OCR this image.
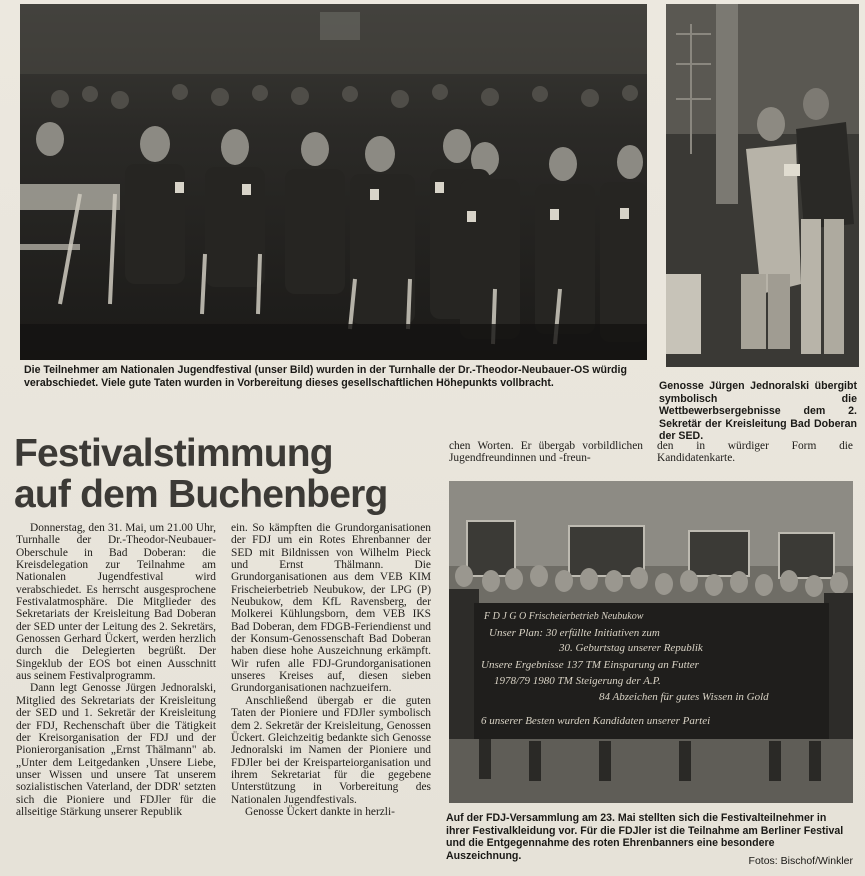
Die Teilnehmer am Nationalen Jugendfestival (unser Bild) wurden in der Turnhalle der Dr.-Theodor-Neubauer-OS würdig verabschiedet. Viele gute Taten wurden in Vorbereitung dieses gesellschaftlichen Höhepunkts vollbracht.	Genosse Jürgen Jednoralski übergibt symbolisch die Wettbewerbsergebnisse dem 2. Sekretär der Kreisleitung Bad Doberan der SED.
Festivalstimmung
auf dem Buchenberg

Donnerstag, den 31. Mai, um 21.00 Uhr, Turnhalle der Dr.-Theodor-Neubauer-Oberschule in Bad Doberan: die Kreisdelegation zur Teilnahme am Nationalen Jugendfestival wird verabschiedet. Es herrscht ausgesprochene Festivalatmosphäre. Die Mitglieder des Sekretariats der Kreisleitung Bad Doberan der SED unter der Leitung des 2. Sekretärs, Genossen Gerhard Ückert, werden herzlich durch die Delegierten begrüßt. Der Singeklub der EOS bot einen Ausschnitt aus seinem Festivalprogramm.

Dann legt Genosse Jürgen Jednoralski, Mitglied des Sekretariats der Kreisleitung der SED und 1. Sekretär der Kreisleitung der FDJ, Rechenschaft über die Tätigkeit der Kreisorganisation der FDJ und der Pionierorganisation „Ernst Thälmann" ab. „Unter dem Leitgedanken ‚Unsere Liebe, unser Wissen und unsere Tat unserem sozialistischen Vaterland, der DDR' setzten sich die Pioniere und FDJler für die allseitige Stärkung unserer Republik

ein. So kämpften die Grundorganisationen der FDJ um ein Rotes Ehrenbanner der SED mit Bildnissen von Wilhelm Pieck und Ernst Thälmann. Die Grundorganisationen aus dem VEB KIM Frischeierbetrieb Neubukow, der LPG (P) Neubukow, dem KfL Ravensberg, der Molkerei Kühlungsborn, dem VEB IKS Bad Doberan, dem FDGB-Feriendienst und der Konsum-Genossenschaft Bad Doberan haben diese hohe Auszeichnung erkämpft. Wir rufen alle FDJ-Grundorganisationen unseres Kreises auf, diesen sieben Grundorganisationen nachzueifern.

Anschließend übergab er die guten Taten der Pioniere und FDJler symbolisch dem 2. Sekretär der Kreisleitung, Genossen Ückert. Gleichzeitig bedankte sich Genosse Jednoralski im Namen der Pioniere und FDJler bei der Kreisparteiorganisation und ihrem Sekretariat für die gegebene Unterstützung in Vorbereitung des Nationalen Jugendfestivals.

Genosse Ückert dankte in herzli-

chen Worten. Er übergab vorbildlichen Jugendfreundinnen und -freun-

den in würdiger Form die Kandidatenkarte.

F D J G O Frischeierbetrieb Neubukow
Unser Plan: 30 erfüllte Initiativen zum
30. Geburtstag unserer Republik
Unsere Ergebnisse 137 TM Einsparung an Futter
1978/79 1980 TM Steigerung der A.P.
84 Abzeichen für gutes Wissen in Gold
6 unserer Besten wurden Kandidaten unserer Partei
Auf der FDJ-Versammlung am 23. Mai stellten sich die Festivalteilnehmer in ihrer Festivalkleidung vor. Für die FDJler ist die Teilnahme am Berliner Festival und die Entgegennahme des roten Ehrenbanners eine besondere Auszeichnung.	Fotos: Bischof/Winkler
